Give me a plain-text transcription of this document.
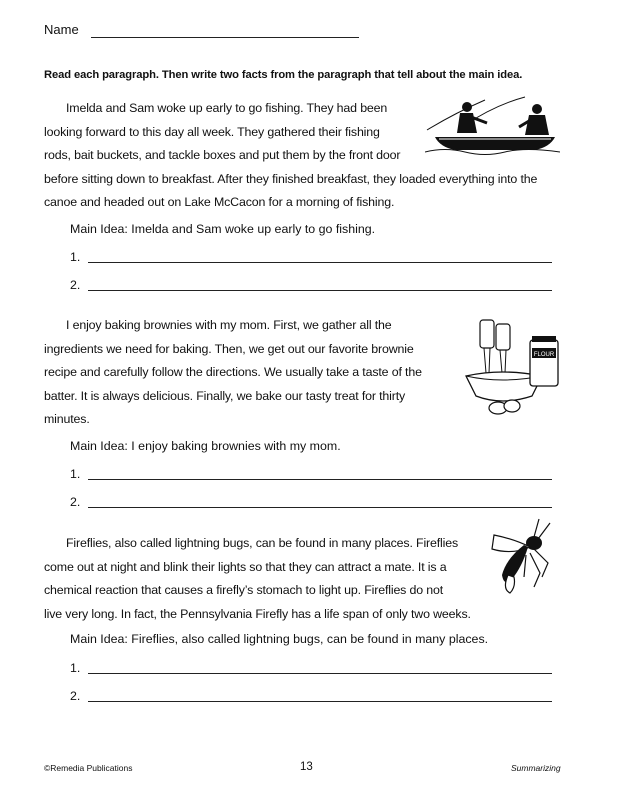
Name
Read each paragraph. Then write two facts from the paragraph that tell about the main idea.
Imelda and Sam woke up early to go fishing. They had been
looking forward to this day all week. They gathered their fishing
rods, bait buckets, and tackle boxes and put them by the front door
before sitting down to breakfast. After they finished breakfast, they loaded everything into the
canoe and headed out on Lake McCacon for a morning of fishing.
Main Idea: Imelda and Sam woke up early to go fishing.
1.
2.
I enjoy baking brownies with my mom. First, we gather all the
ingredients we need for baking. Then, we get out our favorite brownie
recipe and carefully follow the directions. We usually take a taste of the
batter. It is always delicious. Finally, we bake our tasty treat for thirty
minutes.
FLOUR
Main Idea: I enjoy baking brownies with my mom.
1.
2.
Fireflies, also called lightning bugs, can be found in many places. Fireflies
come out at night and blink their lights so that they can attract a mate. It is a
chemical reaction that causes a firefly’s stomach to light up. Fireflies do not
live very long. In fact, the Pennsylvania Firefly has a life span of only two weeks.
Main Idea: Fireflies, also called lightning bugs, can be found in many places.
1.
2.
©Remedia Publications	13	Summarizing
